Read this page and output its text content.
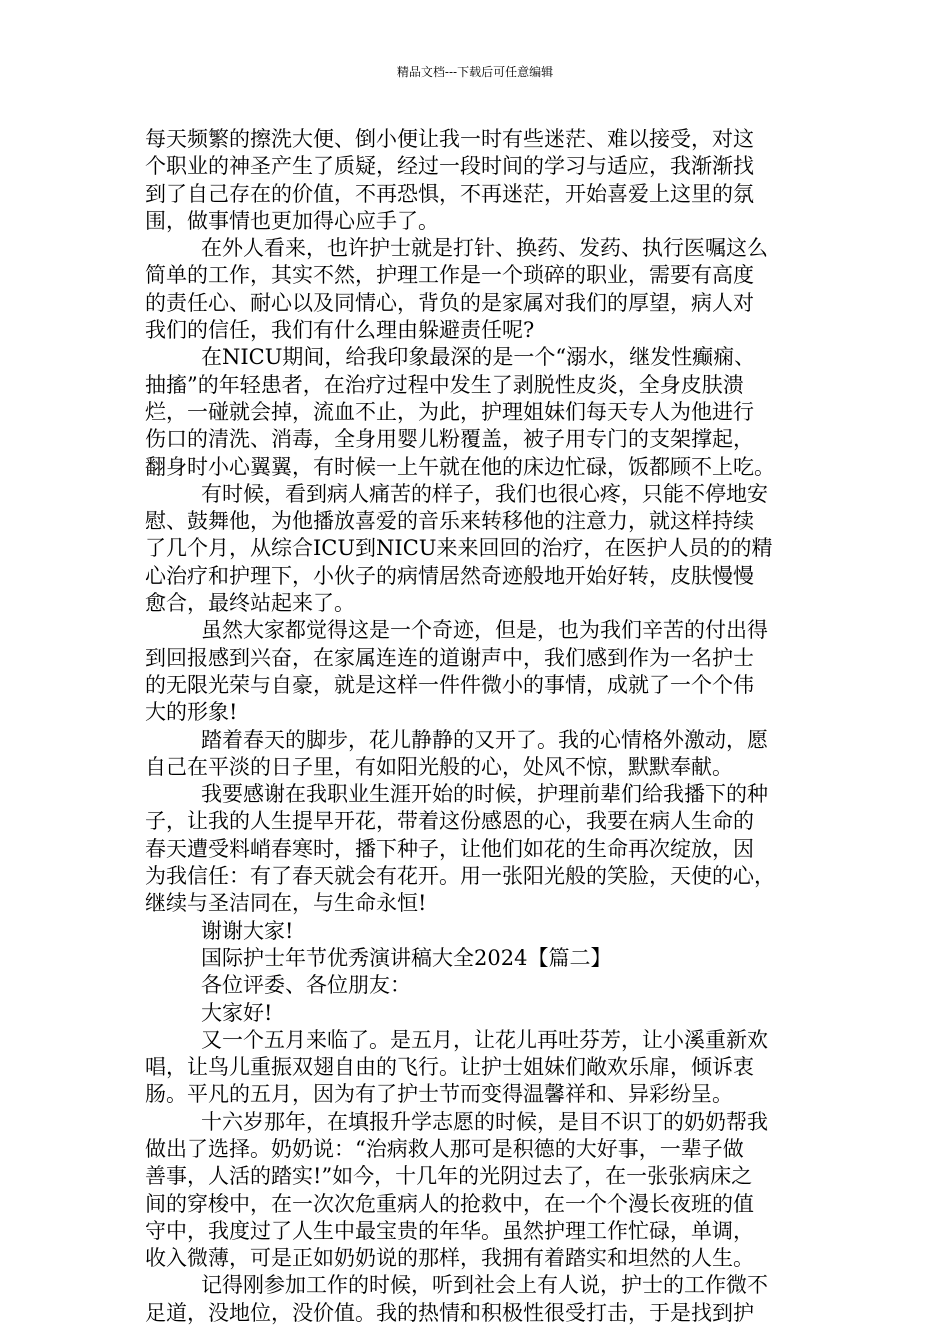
精品文档---下载后可任意编辑
每天频繁的擦洗大便、倒小便让我一时有些迷茫、难以接受，对这
个职业的神圣产生了质疑，经过一段时间的学习与适应，我渐渐找
到了自己存在的价值，不再恐惧，不再迷茫，开始喜爱上这里的氛
围，做事情也更加得心应手了。
在外人看来，也许护士就是打针、换药、发药、执行医嘱这么
简单的工作，其实不然，护理工作是一个琐碎的职业，需要有高度
的责任心、耐心以及同情心，背负的是家属对我们的厚望，病人对
我们的信任，我们有什么理由躲避责任呢?
在NICU期间，给我印象最深的是一个“溺水，继发性癫痫、
抽搐”的年轻患者，在治疗过程中发生了剥脱性皮炎，全身皮肤溃
烂，一碰就会掉，流血不止，为此，护理姐妹们每天专人为他进行
伤口的清洗、消毒，全身用婴儿粉覆盖，被子用专门的支架撑起，
翻身时小心翼翼，有时候一上午就在他的床边忙碌，饭都顾不上吃。
有时候，看到病人痛苦的样子，我们也很心疼，只能不停地安
慰、鼓舞他，为他播放喜爱的音乐来转移他的注意力，就这样持续
了几个月，从综合ICU到NICU来来回回的治疗，在医护人员的的精
心治疗和护理下，小伙子的病情居然奇迹般地开始好转，皮肤慢慢
愈合，最终站起来了。
虽然大家都觉得这是一个奇迹，但是，也为我们辛苦的付出得
到回报感到兴奋，在家属连连的道谢声中，我们感到作为一名护士
的无限光荣与自豪，就是这样一件件微小的事情，成就了一个个伟
大的形象!
踏着春天的脚步，花儿静静的又开了。我的心情格外激动，愿
自己在平淡的日子里，有如阳光般的心，处风不惊，默默奉献。
我要感谢在我职业生涯开始的时候，护理前辈们给我播下的种
子，让我的人生提早开花，带着这份感恩的心，我要在病人生命的
春天遭受料峭春寒时，播下种子，让他们如花的生命再次绽放，因
为我信任：有了春天就会有花开。用一张阳光般的笑脸，天使的心，
继续与圣洁同在，与生命永恒!
谢谢大家!
国际护士年节优秀演讲稿大全2024【篇二】
各位评委、各位朋友：
大家好!
又一个五月来临了。是五月，让花儿再吐芬芳，让小溪重新欢
唱，让鸟儿重振双翅自由的飞行。让护士姐妹们敞欢乐扉，倾诉衷
肠。平凡的五月，因为有了护士节而变得温馨祥和、异彩纷呈。
十六岁那年，在填报升学志愿的时候，是目不识丁的奶奶帮我
做出了选择。奶奶说：“治病救人那可是积德的大好事，一辈子做
善事，人活的踏实!”如今，十几年的光阴过去了，在一张张病床之
间的穿梭中，在一次次危重病人的抢救中，在一个个漫长夜班的值
守中，我度过了人生中最宝贵的年华。虽然护理工作忙碌，单调，
收入微薄，可是正如奶奶说的那样，我拥有着踏实和坦然的人生。
记得刚参加工作的时候，听到社会上有人说，护士的工作微不
足道，没地位，没价值。我的热情和积极性很受打击，于是找到护
